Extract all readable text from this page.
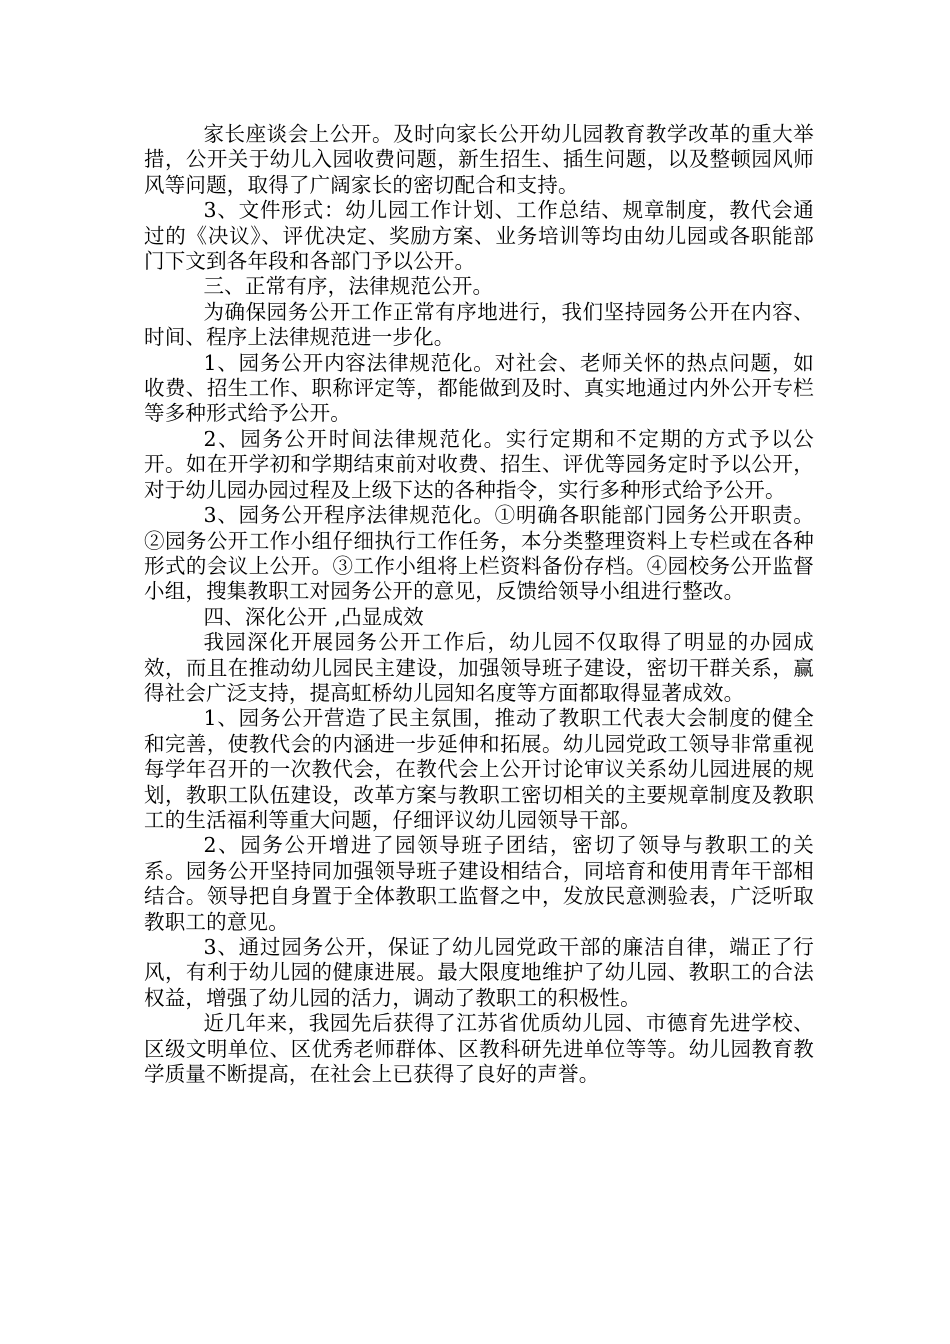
家长座谈会上公开。及时向家长公开幼儿园教育教学改革的重大举措，公开关于幼儿入园收费问题，新生招生、插生问题，以及整顿园风师风等问题，取得了广阔家长的密切配合和支持。

3、文件形式：幼儿园工作计划、工作总结、规章制度，教代会通过的《决议》、评优决定、奖励方案、业务培训等均由幼儿园或各职能部门下文到各年段和各部门予以公开。

三、正常有序，法律规范公开。

为确保园务公开工作正常有序地进行，我们坚持园务公开在内容、时间、程序上法律规范进一步化。

1、园务公开内容法律规范化。对社会、老师关怀的热点问题，如收费、招生工作、职称评定等，都能做到及时、真实地通过内外公开专栏等多种形式给予公开。

2、园务公开时间法律规范化。实行定期和不定期的方式予以公开。如在开学初和学期结束前对收费、招生、评优等园务定时予以公开，对于幼儿园办园过程及上级下达的各种指令，实行多种形式给予公开。

3、园务公开程序法律规范化。①明确各职能部门园务公开职责。②园务公开工作小组仔细执行工作任务，本分类整理资料上专栏或在各种形式的会议上公开。③工作小组将上栏资料备份存档。④园校务公开监督小组，搜集教职工对园务公开的意见，反馈给领导小组进行整改。

四、深化公开 ,凸显成效

我园深化开展园务公开工作后，幼儿园不仅取得了明显的办园成效，而且在推动幼儿园民主建设，加强领导班子建设，密切干群关系，赢得社会广泛支持，提高虹桥幼儿园知名度等方面都取得显著成效。

1、园务公开营造了民主氛围，推动了教职工代表大会制度的健全和完善，使教代会的内涵进一步延伸和拓展。幼儿园党政工领导非常重视每学年召开的一次教代会，在教代会上公开讨论审议关系幼儿园进展的规划，教职工队伍建设，改革方案与教职工密切相关的主要规章制度及教职工的生活福利等重大问题，仔细评议幼儿园领导干部。

2、园务公开增进了园领导班子团结，密切了领导与教职工的关系。园务公开坚持同加强领导班子建设相结合，同培育和使用青年干部相结合。领导把自身置于全体教职工监督之中，发放民意测验表，广泛听取教职工的意见。

3、通过园务公开，保证了幼儿园党政干部的廉洁自律，端正了行风，有利于幼儿园的健康进展。最大限度地维护了幼儿园、教职工的合法权益，增强了幼儿园的活力，调动了教职工的积极性。

近几年来，我园先后获得了江苏省优质幼儿园、市德育先进学校、区级文明单位、区优秀老师群体、区教科研先进单位等等。幼儿园教育教学质量不断提高，在社会上已获得了良好的声誉。
